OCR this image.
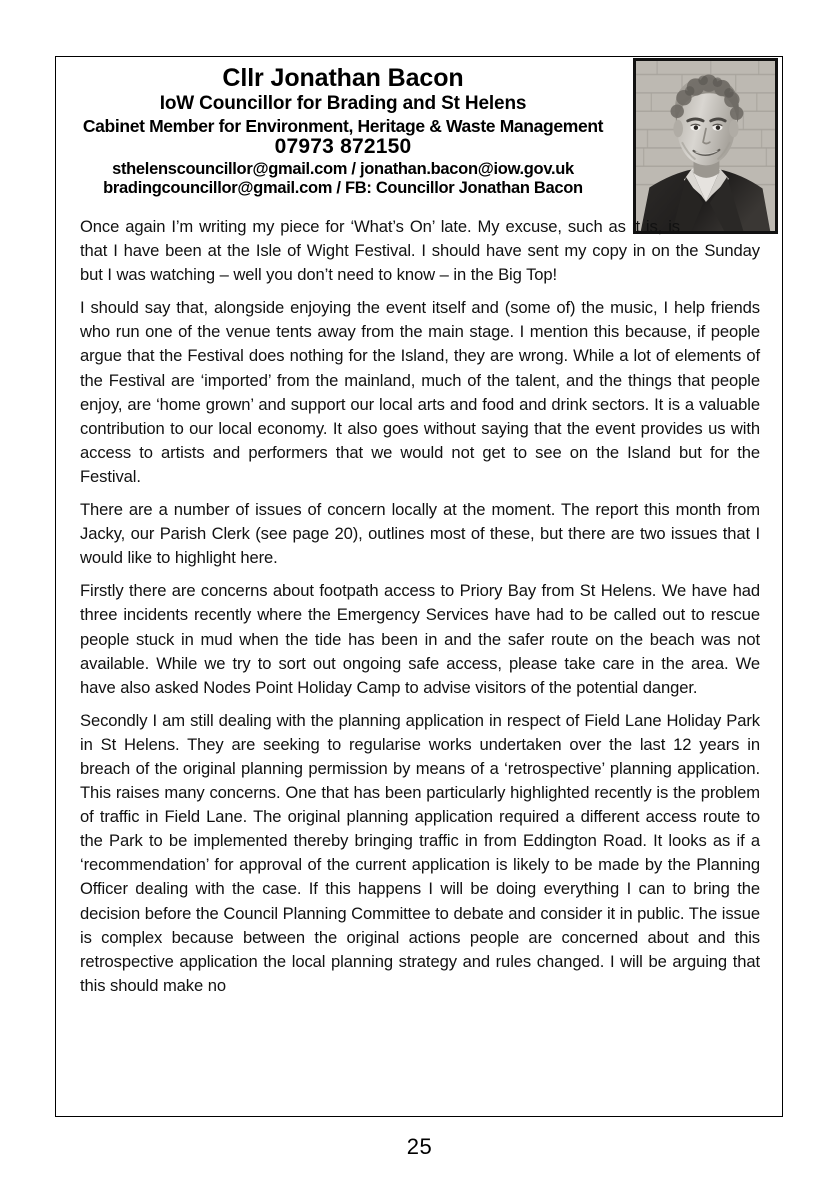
Cllr Jonathan Bacon
IoW Councillor for Brading and St Helens
Cabinet Member for Environment, Heritage & Waste Management
07973 872150
sthelenscouncillor@gmail.com / jonathan.bacon@iow.gov.uk
bradingcouncillor@gmail.com / FB: Councillor Jonathan Bacon

Once again I’m writing my piece for ‘What’s On’ late. My excuse, such as it is, is that I have been at the Isle of Wight Festival. I should have sent my copy in on the Sunday but I was watching – well you don’t need to know – in the Big Top!

I should say that, alongside enjoying the event itself and (some of) the music, I help friends who run one of the venue tents away from the main stage. I mention this because, if people argue that the Festival does nothing for the Island, they are wrong. While a lot of elements of the Festival are ‘imported’ from the mainland, much of the talent, and the things that people enjoy, are ‘home grown’ and support our local arts and food and drink sectors. It is a valuable contribution to our local economy. It also goes without saying that the event provides us with access to artists and performers that we would not get to see on the Island but for the Festival.

There are a number of issues of concern locally at the moment. The report this month from Jacky, our Parish Clerk (see page 20), outlines most of these, but there are two issues that I would like to highlight here.

Firstly there are concerns about footpath access to Priory Bay from St Helens. We have had three incidents recently where the Emergency Services have had to be called out to rescue people stuck in mud when the tide has been in and the safer route on the beach was not available. While we try to sort out ongoing safe access, please take care in the area. We have also asked Nodes Point Holiday Camp to advise visitors of the potential danger.

Secondly I am still dealing with the planning application in respect of Field Lane Holiday Park in St Helens. They are seeking to regularise works undertaken over the last 12 years in breach of the original planning permission by means of a ‘retrospective’ planning application. This raises many concerns. One that has been particularly highlighted recently is the problem of traffic in Field Lane. The original planning application required a different access route to the Park to be implemented thereby bringing traffic in from Eddington Road. It looks as if a ‘recommendation’ for approval of the current application is likely to be made by the Planning Officer dealing with the case. If this happens I will be doing everything I can to bring the decision before the Council Planning Committee to debate and consider it in public. The issue is complex because between the original actions people are concerned about and this retrospective application the local planning strategy and rules changed. I will be arguing that this should make no

25
